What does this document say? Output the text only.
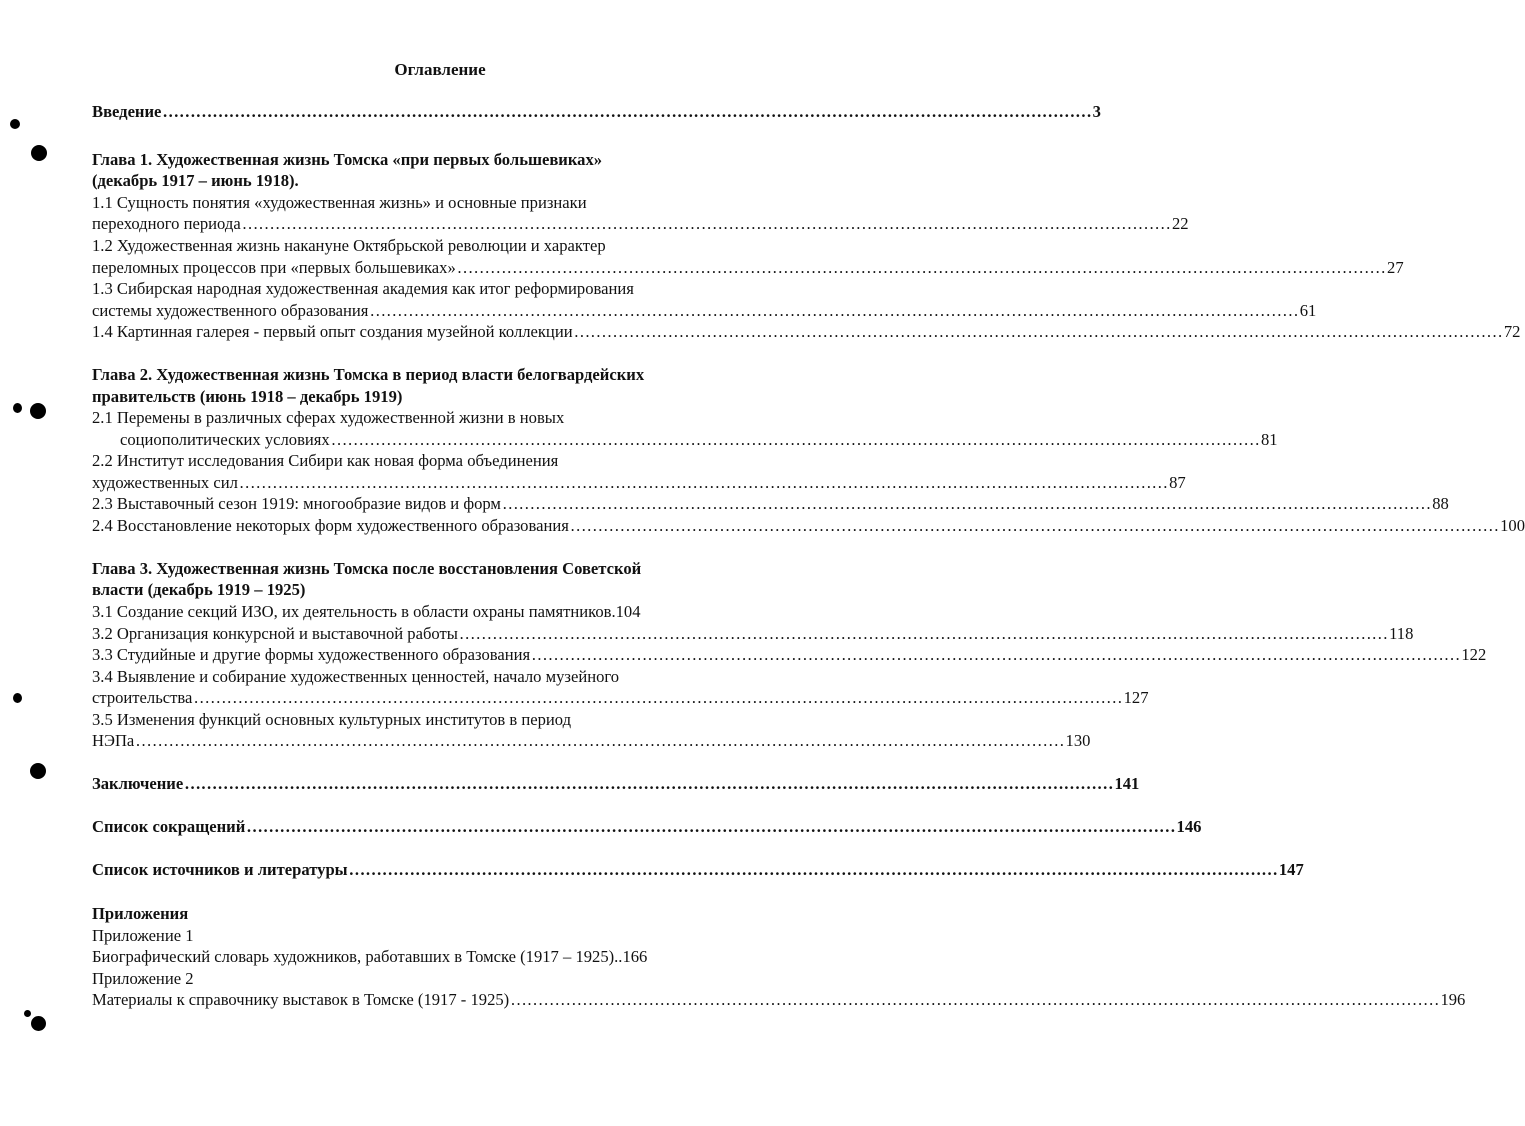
Оглавление
Введение …………………………………………………………………………………………………………………………………………………… 3
Глава 1. Художественная жизнь Томска «при первых большевиках»
(декабрь 1917 – июнь 1918).
1.1 Сущность понятия «художественная жизнь» и основные признаки
переходного периода …………………………………………………………………………………………………………………………………………………… 22
1.2 Художественная жизнь накануне Октябрьской революции и характер
переломных процессов при «первых большевиках» …………………………………………………………………………………………………………………………………………………… 27
1.3 Сибирская народная художественная академия как итог реформирования
системы художественного образования …………………………………………………………………………………………………………………………………………………… 61
1.4 Картинная галерея - первый опыт создания музейной коллекции …………………………………………………………………………………………………………………………………………………… 72
Глава 2. Художественная жизнь Томска в период власти белогвардейских
правительств (июнь 1918 – декабрь 1919)
2.1 Перемены в различных сферах художественной жизни в новых
социополитических условиях …………………………………………………………………………………………………………………………………………………… 81
2.2 Институт исследования Сибири как новая форма объединения
художественных сил …………………………………………………………………………………………………………………………………………………… 87
2.3 Выставочный сезон 1919: многообразие видов и форм …………………………………………………………………………………………………………………………………………………… 88
2.4 Восстановление некоторых форм художественного образования …………………………………………………………………………………………………………………………………………………… 100
Глава 3. Художественная жизнь Томска после восстановления Советской
власти (декабрь 1919 – 1925)
3.1 Создание секций ИЗО, их деятельность в области охраны памятников.104
3.2 Организация конкурсной и выставочной работы …………………………………………………………………………………………………………………………………………………… 118
3.3 Студийные и другие формы художественного образования …………………………………………………………………………………………………………………………………………………… 122
3.4 Выявление и собирание художественных ценностей, начало музейного
строительства …………………………………………………………………………………………………………………………………………………… 127
3.5 Изменения функций основных культурных институтов в период
НЭПа …………………………………………………………………………………………………………………………………………………… 130
Заключение …………………………………………………………………………………………………………………………………………………… 141
Список сокращений …………………………………………………………………………………………………………………………………………………… 146
Список источников и литературы …………………………………………………………………………………………………………………………………………………… 147
Приложения
Приложение 1
Биографический словарь художников, работавших в Томске (1917 – 1925)..166
Приложение 2
Материалы к справочнику выставок в Томске (1917 - 1925) …………………………………………………………………………………………………………………………………………………… 196
